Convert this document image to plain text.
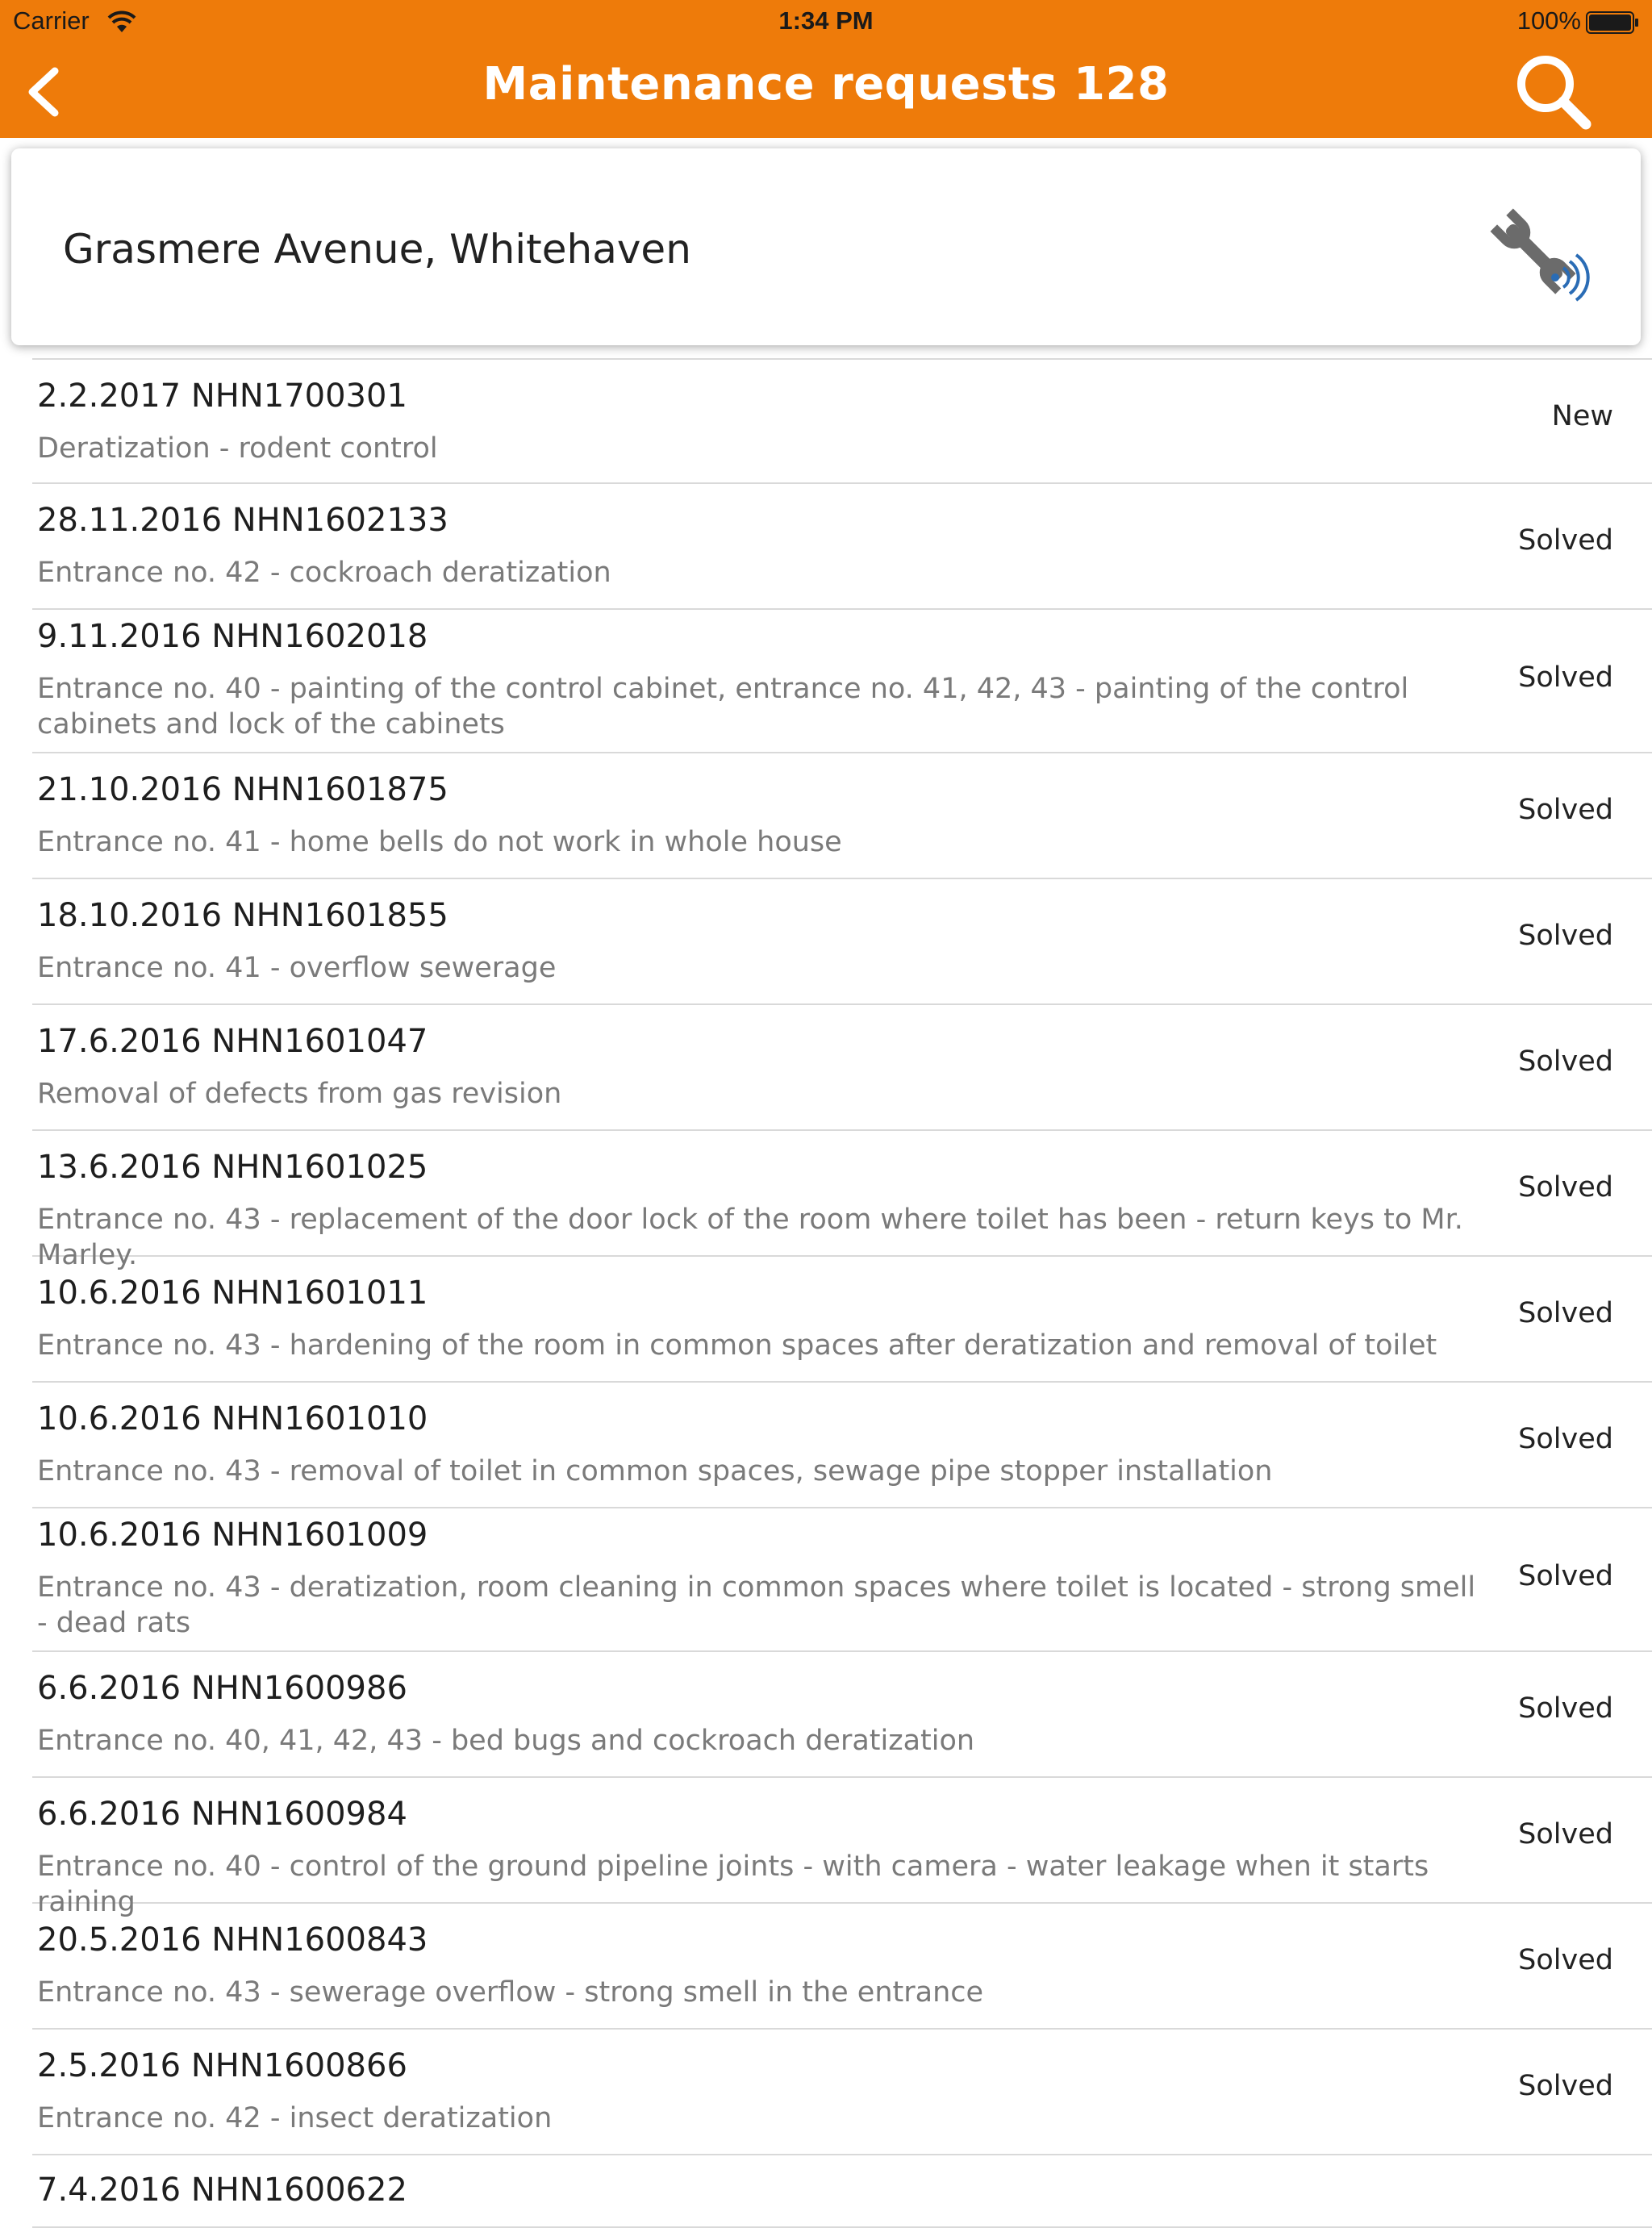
Carrier	1:34 PM	100%
Maintenance requests 128
Grasmere Avenue, Whitehaven
2.2.2017 NHN1700301
Deratization - rodent control
New
28.11.2016 NHN1602133
Entrance no. 42 - cockroach deratization
Solved
9.11.2016 NHN1602018
Entrance no. 40 - painting of the control cabinet, entrance no. 41, 42, 43 - painting of the control cabinets and lock of the cabinets
Solved
21.10.2016 NHN1601875
Entrance no. 41 - home bells do not work in whole house
Solved
18.10.2016 NHN1601855
Entrance no. 41 - overflow sewerage
Solved
17.6.2016 NHN1601047
Removal of defects from gas revision
Solved
13.6.2016 NHN1601025
Entrance no. 43 - replacement of the door lock of the room where toilet has been - return keys to Mr. Marley.
Solved
10.6.2016 NHN1601011
Entrance no. 43 - hardening of the room in common spaces after deratization and removal of toilet
Solved
10.6.2016 NHN1601010
Entrance no. 43 - removal of toilet in common spaces, sewage pipe stopper installation
Solved
10.6.2016 NHN1601009
Entrance no. 43 - deratization, room cleaning in common spaces where toilet is located - strong smell - dead rats
Solved
6.6.2016 NHN1600986
Entrance no. 40, 41, 42, 43 - bed bugs and cockroach deratization
Solved
6.6.2016 NHN1600984
Entrance no. 40 - control of the ground pipeline joints - with camera - water leakage when it starts raining
Solved
20.5.2016 NHN1600843
Entrance no. 43 - sewerage overflow - strong smell in the entrance
Solved
2.5.2016 NHN1600866
Entrance no. 42 - insect deratization
Solved
7.4.2016 NHN1600622
